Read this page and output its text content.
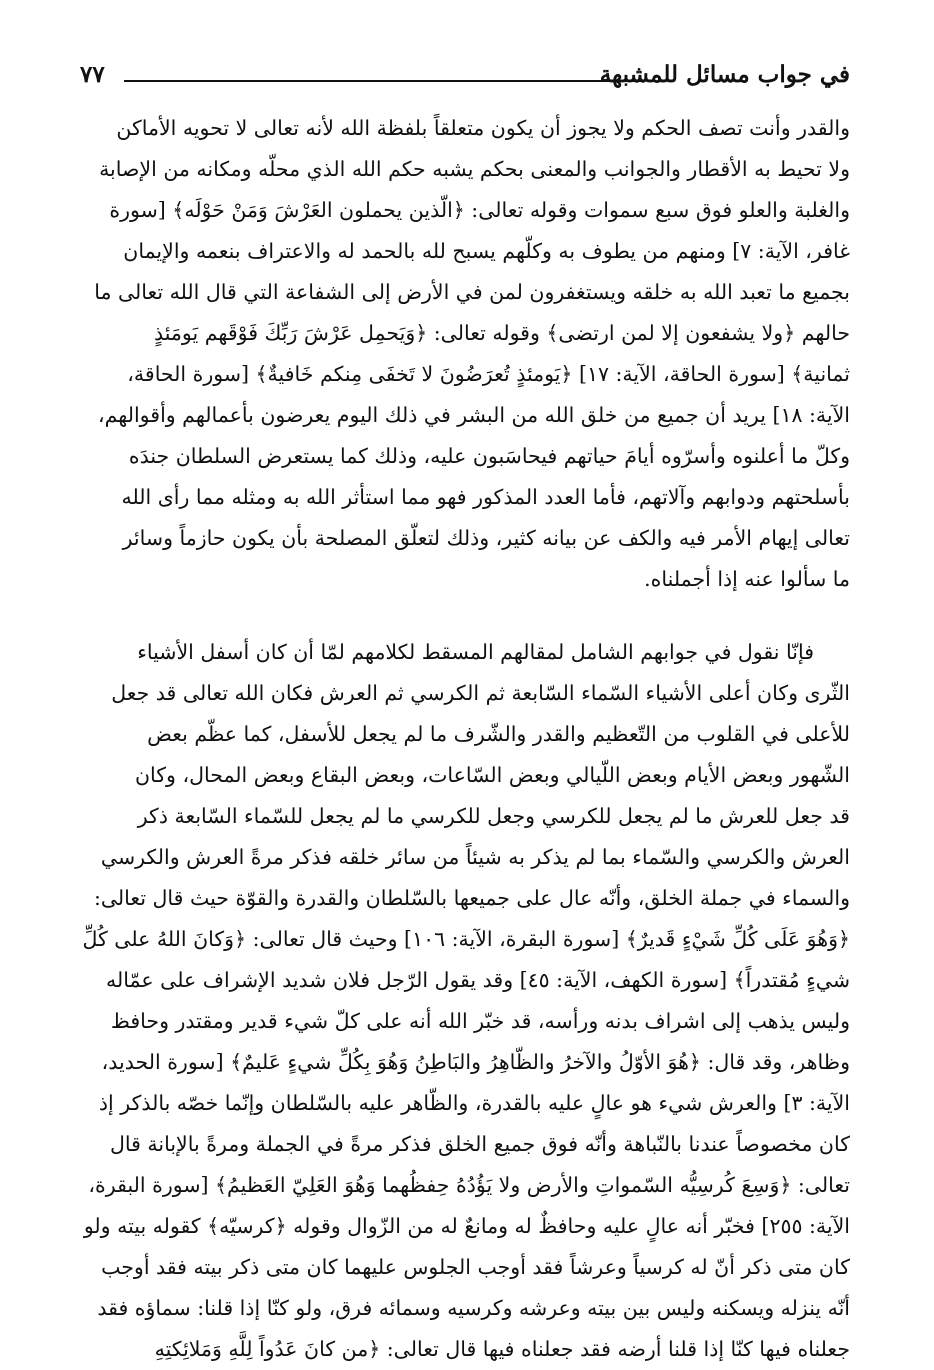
في جواب مسائل للمشبهة
٧٧
والقدر وأنت تصف الحكم ولا يجوز أن يكون متعلقاً بلفظة الله لأنه تعالى لا تحويه الأماكن
ولا تحيط به الأقطار والجوانب والمعنى بحكم يشبه حكم الله الذي محلّه ومكانه من الإصابة
والغلبة والعلو فوق سبع سموات وقوله تعالى: ﴿الّذين يحملون العَرْشَ وَمَنْ حَوْلَه﴾ [سورة
غافر، الآية: ٧] ومنهم من يطوف به وكلّهم يسبح لله بالحمد له والاعتراف بنعمه والإيمان
بجميع ما تعبد الله به خلقه ويستغفرون لمن في الأرض إلى الشفاعة التي قال الله تعالى ما
حالهم ﴿ولا يشفعون إلا لمن ارتضى﴾ وقوله تعالى: ﴿وَيَحمِل عَرْشَ رَبِّكَ فَوْقَهم يَومَئذٍ
ثمانية﴾ [سورة الحاقة، الآية: ١٧] ﴿يَومئذٍ تُعرَضُونَ لا تَخفَى مِنكم خَافيةٌ﴾ [سورة الحاقة،
الآية: ١٨] يريد أن جميع من خلق الله من البشر في ذلك اليوم يعرضون بأعمالهم وأقوالهم،
وكلّ ما أعلنوه وأسرّوه أيامَ حياتهم فيحاسَبون عليه، وذلك كما يستعرض السلطان جندَه
بأسلحتهم ودوابهم وآلاتهم، فأما العدد المذكور فهو مما استأثر الله به ومثله مما رأى الله
تعالى إيهام الأمر فيه والكف عن بيانه كثير، وذلك لتعلّق المصلحة بأن يكون حازماً وسائر
ما سألوا عنه إذا أجملناه.
فإنّا نقول في جوابهم الشامل لمقالهم المسقط لكلامهم لمّا أن كان أسفل الأشياء
الثّرى وكان أعلى الأشياء السّماء السّابعة ثم الكرسي ثم العرش فكان الله تعالى قد جعل
للأعلى في القلوب من التّعظيم والقدر والشّرف ما لم يجعل للأسفل، كما عظّم بعض
الشّهور وبعض الأيام وبعض اللّيالي وبعض السّاعات، وبعض البقاع وبعض المحال، وكان
قد جعل للعرش ما لم يجعل للكرسي وجعل للكرسي ما لم يجعل للسّماء السّابعة ذكر
العرش والكرسي والسّماء بما لم يذكر به شيئاً من سائر خلقه فذكر مرةً العرش والكرسي
والسماء في جملة الخلق، وأنّه عال على جميعها بالسّلطان والقدرة والقوّة حيث قال تعالى:
﴿وَهُوَ عَلَى كُلِّ شَيْءٍ قَديرٌ﴾ [سورة البقرة، الآية: ١٠٦] وحيث قال تعالى: ﴿وَكانَ اللهُ على كُلِّ
شيءٍ مُقتدراً﴾ [سورة الكهف، الآية: ٤٥] وقد يقول الرّجل فلان شديد الإشراف على عمّاله
وليس يذهب إلى اشراف بدنه ورأسه، قد خبّر الله أنه على كلّ شيء قدير ومقتدر وحافظ
وظاهر، وقد قال: ﴿هُوَ الأوّلُ والآخرُ والظّاهِرُ والبَاطِنُ وَهُوَ بِكُلِّ شيءٍ عَليمٌ﴾ [سورة الحديد،
الآية: ٣] والعرش شيء هو عالٍ عليه بالقدرة، والظّاهر عليه بالسّلطان وإنّما خصّه بالذكر إذ
كان مخصوصاً عندنا بالنّباهة وأنّه فوق جميع الخلق فذكر مرةً في الجملة ومرةً بالإبانة قال
تعالى: ﴿وَسِعَ كُرسِيُّه السّمواتِ والأرض ولا يَؤُدُهُ حِفظُهما وَهُوَ العَلِيّ العَظيمُ﴾ [سورة البقرة،
الآية: ٢٥٥] فخبّر أنه عالٍ عليه وحافظٌ له ومانعٌ له من الزّوال وقوله ﴿كرسيّه﴾ كقوله بيته ولو
كان متى ذكر أنّ له كرسياً وعرشاً فقد أوجب الجلوس عليهما كان متى ذكر بيته فقد أوجب
أنّه ينزله ويسكنه وليس بين بيته وعرشه وكرسيه وسمائه فرق، ولو كنّا إذا قلنا: سماؤه فقد
جعلناه فيها كنّا إذا قلنا أرضه فقد جعلناه فيها قال تعالى: ﴿من كانَ عَدُواً لِلَّهِ وَمَلائِكتِهِ
